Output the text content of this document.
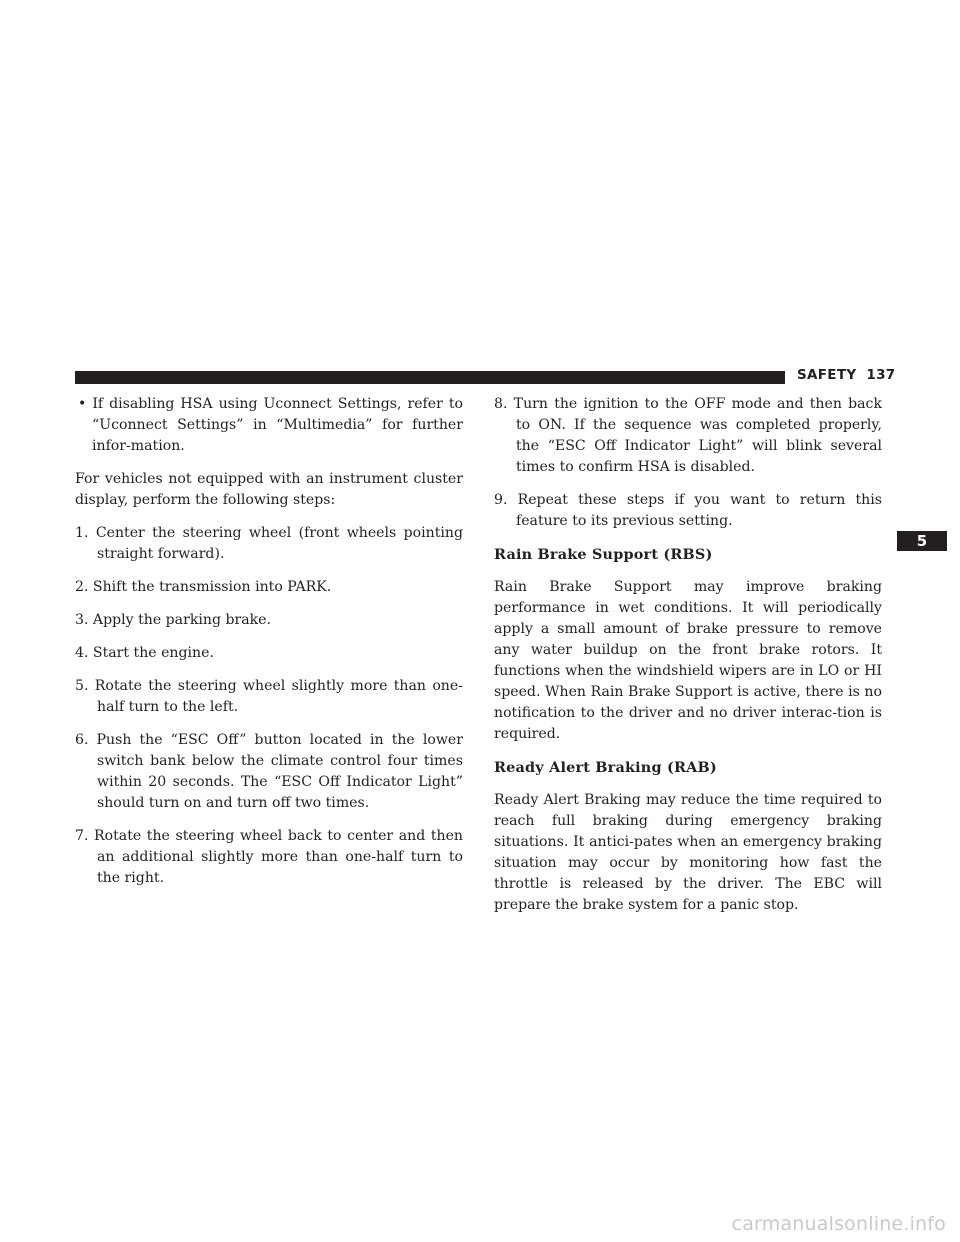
SAFETY 137

• If disabling HSA using Uconnect Settings, refer to “Uconnect Settings” in “Multimedia” for further infor-mation.

For vehicles not equipped with an instrument cluster display, perform the following steps:

1. Center the steering wheel (front wheels pointing straight forward).

2. Shift the transmission into PARK.

3. Apply the parking brake.

4. Start the engine.

5. Rotate the steering wheel slightly more than one-half turn to the left.

6. Push the “ESC Off” button located in the lower switch bank below the climate control four times within 20 seconds. The “ESC Off Indicator Light” should turn on and turn off two times.

7. Rotate the steering wheel back to center and then an additional slightly more than one-half turn to the right.

8. Turn the ignition to the OFF mode and then back to ON. If the sequence was completed properly, the “ESC Off Indicator Light” will blink several times to confirm HSA is disabled.

9. Repeat these steps if you want to return this feature to its previous setting.

Rain Brake Support (RBS)

Rain Brake Support may improve braking performance in wet conditions. It will periodically apply a small amount of brake pressure to remove any water buildup on the front brake rotors. It functions when the windshield wipers are in LO or HI speed. When Rain Brake Support is active, there is no notification to the driver and no driver interac-tion is required.

Ready Alert Braking (RAB)

Ready Alert Braking may reduce the time required to reach full braking during emergency braking situations. It antici-pates when an emergency braking situation may occur by monitoring how fast the throttle is released by the driver. The EBC will prepare the brake system for a panic stop.

5
carmanualsonline.info
